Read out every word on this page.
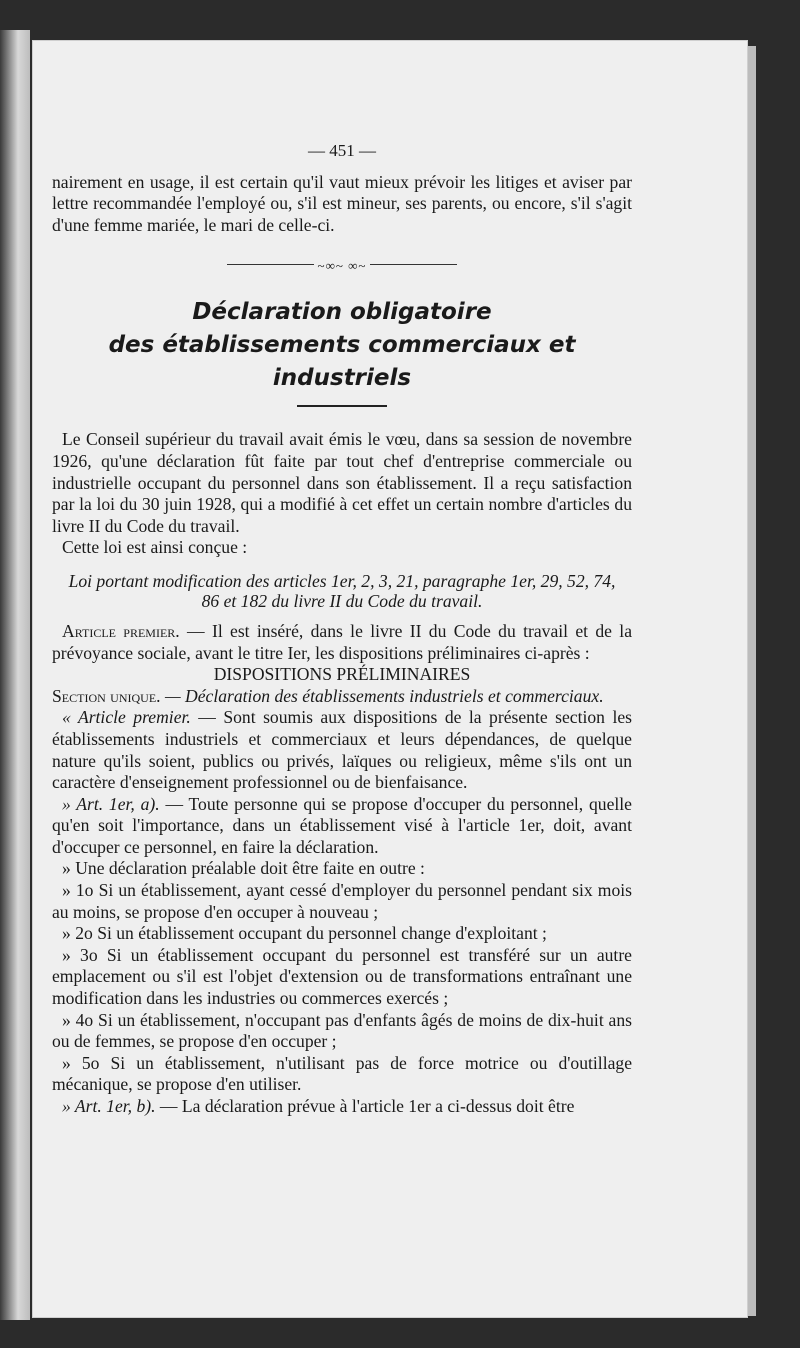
— 451 —

nairement en usage, il est certain qu'il vaut mieux prévoir les litiges et aviser par lettre recommandée l'employé ou, s'il est mineur, ses parents, ou encore, s'il s'agit d'une femme mariée, le mari de celle-ci.

~∞~ ∞~
Déclaration obligatoire
des établissements commerciaux et industriels

Le Conseil supérieur du travail avait émis le vœu, dans sa session de novembre 1926, qu'une déclaration fût faite par tout chef d'entreprise commerciale ou industrielle occupant du personnel dans son établissement. Il a reçu satisfaction par la loi du 30 juin 1928, qui a modifié à cet effet un certain nombre d'articles du livre II du Code du travail.

Cette loi est ainsi conçue :

Loi portant modification des articles 1er, 2, 3, 21, paragraphe 1er, 29, 52, 74,
86 et 182 du livre II du Code du travail.

Article premier. — Il est inséré, dans le livre II du Code du travail et de la prévoyance sociale, avant le titre Ier, les dispositions préliminaires ci-après :

DISPOSITIONS PRÉLIMINAIRES

Section unique. — Déclaration des établissements industriels et commerciaux.

« Article premier. — Sont soumis aux dispositions de la présente section les établissements industriels et commerciaux et leurs dépendances, de quelque nature qu'ils soient, publics ou privés, laïques ou religieux, même s'ils ont un caractère d'enseignement professionnel ou de bienfaisance.

» Art. 1er, a). — Toute personne qui se propose d'occuper du personnel, quelle qu'en soit l'importance, dans un établissement visé à l'article 1er, doit, avant d'occuper ce personnel, en faire la déclaration.

» Une déclaration préalable doit être faite en outre :

» 1o Si un établissement, ayant cessé d'employer du personnel pendant six mois au moins, se propose d'en occuper à nouveau ;

» 2o Si un établissement occupant du personnel change d'exploitant ;

» 3o Si un établissement occupant du personnel est transféré sur un autre emplacement ou s'il est l'objet d'extension ou de transformations entraînant une modification dans les industries ou commerces exercés ;

» 4o Si un établissement, n'occupant pas d'enfants âgés de moins de dix-huit ans ou de femmes, se propose d'en occuper ;

» 5o Si un établissement, n'utilisant pas de force motrice ou d'outillage mécanique, se propose d'en utiliser.

» Art. 1er, b). — La déclaration prévue à l'article 1er a ci-dessus doit être
